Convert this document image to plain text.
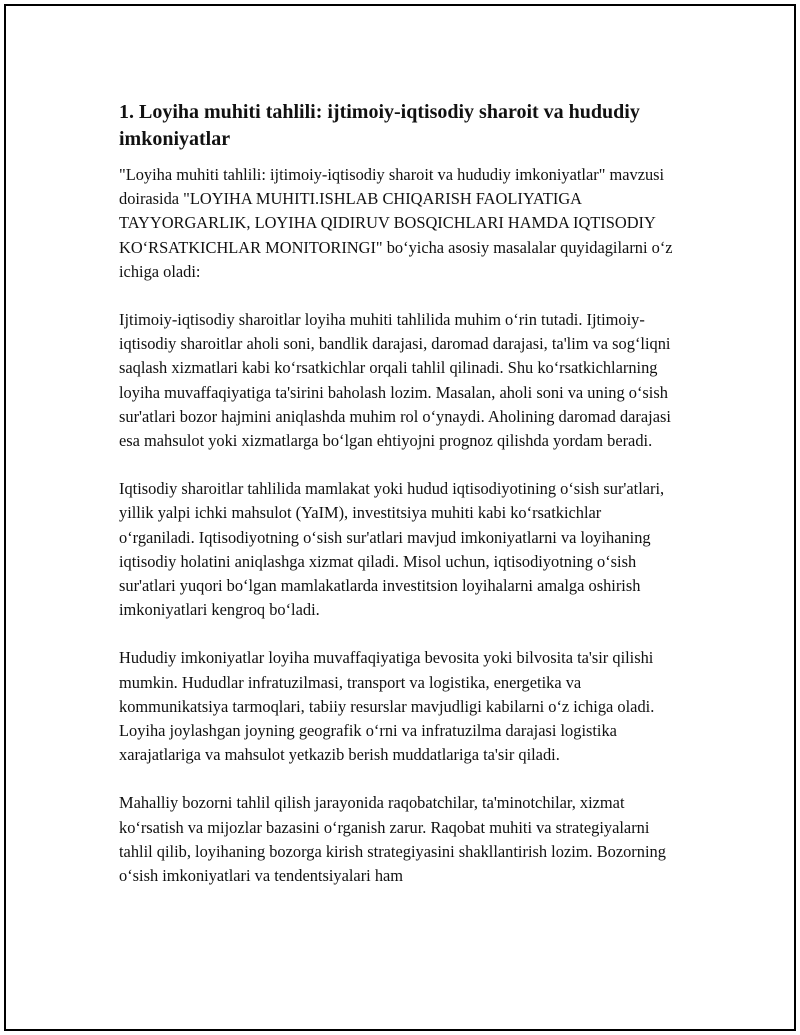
1. Loyiha muhiti tahlili: ijtimoiy-iqtisodiy sharoit va hududiy imkoniyatlar

"Loyiha muhiti tahlili: ijtimoiy-iqtisodiy sharoit va hududiy imkoniyatlar" mavzusi doirasida "LOYIHA MUHITI.ISHLAB CHIQARISH FAOLIYATIGA TAYYORGARLIK, LOYIHA QIDIRUV BOSQICHLARI HAMDA IQTISODIY KOʻRSATKICHLAR MONITORINGI" boʻyicha asosiy masalalar quyidagilarni oʻz ichiga oladi:

Ijtimoiy-iqtisodiy sharoitlar loyiha muhiti tahlilida muhim oʻrin tutadi. Ijtimoiy-iqtisodiy sharoitlar aholi soni, bandlik darajasi, daromad darajasi, ta'lim va sogʻliqni saqlash xizmatlari kabi koʻrsatkichlar orqali tahlil qilinadi. Shu koʻrsatkichlarning loyiha muvaffaqiyatiga ta'sirini baholash lozim. Masalan, aholi soni va uning oʻsish sur'atlari bozor hajmini aniqlashda muhim rol oʻynaydi. Aholining daromad darajasi esa mahsulot yoki xizmatlarga boʻlgan ehtiyojni prognoz qilishda yordam beradi.

Iqtisodiy sharoitlar tahlilida mamlakat yoki hudud iqtisodiyotining oʻsish sur'atlari, yillik yalpi ichki mahsulot (YaIM), investitsiya muhiti kabi koʻrsatkichlar oʻrganiladi. Iqtisodiyotning oʻsish sur'atlari mavjud imkoniyatlarni va loyihaning iqtisodiy holatini aniqlashga xizmat qiladi. Misol uchun, iqtisodiyotning oʻsish sur'atlari yuqori boʻlgan mamlakatlarda investitsion loyihalarni amalga oshirish imkoniyatlari kengroq boʻladi.

Hududiy imkoniyatlar loyiha muvaffaqiyatiga bevosita yoki bilvosita ta'sir qilishi mumkin. Hududlar infratuzilmasi, transport va logistika, energetika va kommunikatsiya tarmoqlari, tabiiy resurslar mavjudligi kabilarni oʻz ichiga oladi. Loyiha joylashgan joyning geografik oʻrni va infratuzilma darajasi logistika xarajatlariga va mahsulot yetkazib berish muddatlariga ta'sir qiladi.

Mahalliy bozorni tahlil qilish jarayonida raqobatchilar, ta'minotchilar, xizmat koʻrsatish va mijozlar bazasini oʻrganish zarur. Raqobat muhiti va strategiyalarni tahlil qilib, loyihaning bozorga kirish strategiyasini shakllantirish lozim. Bozorning oʻsish imkoniyatlari va tendentsiyalari ham
